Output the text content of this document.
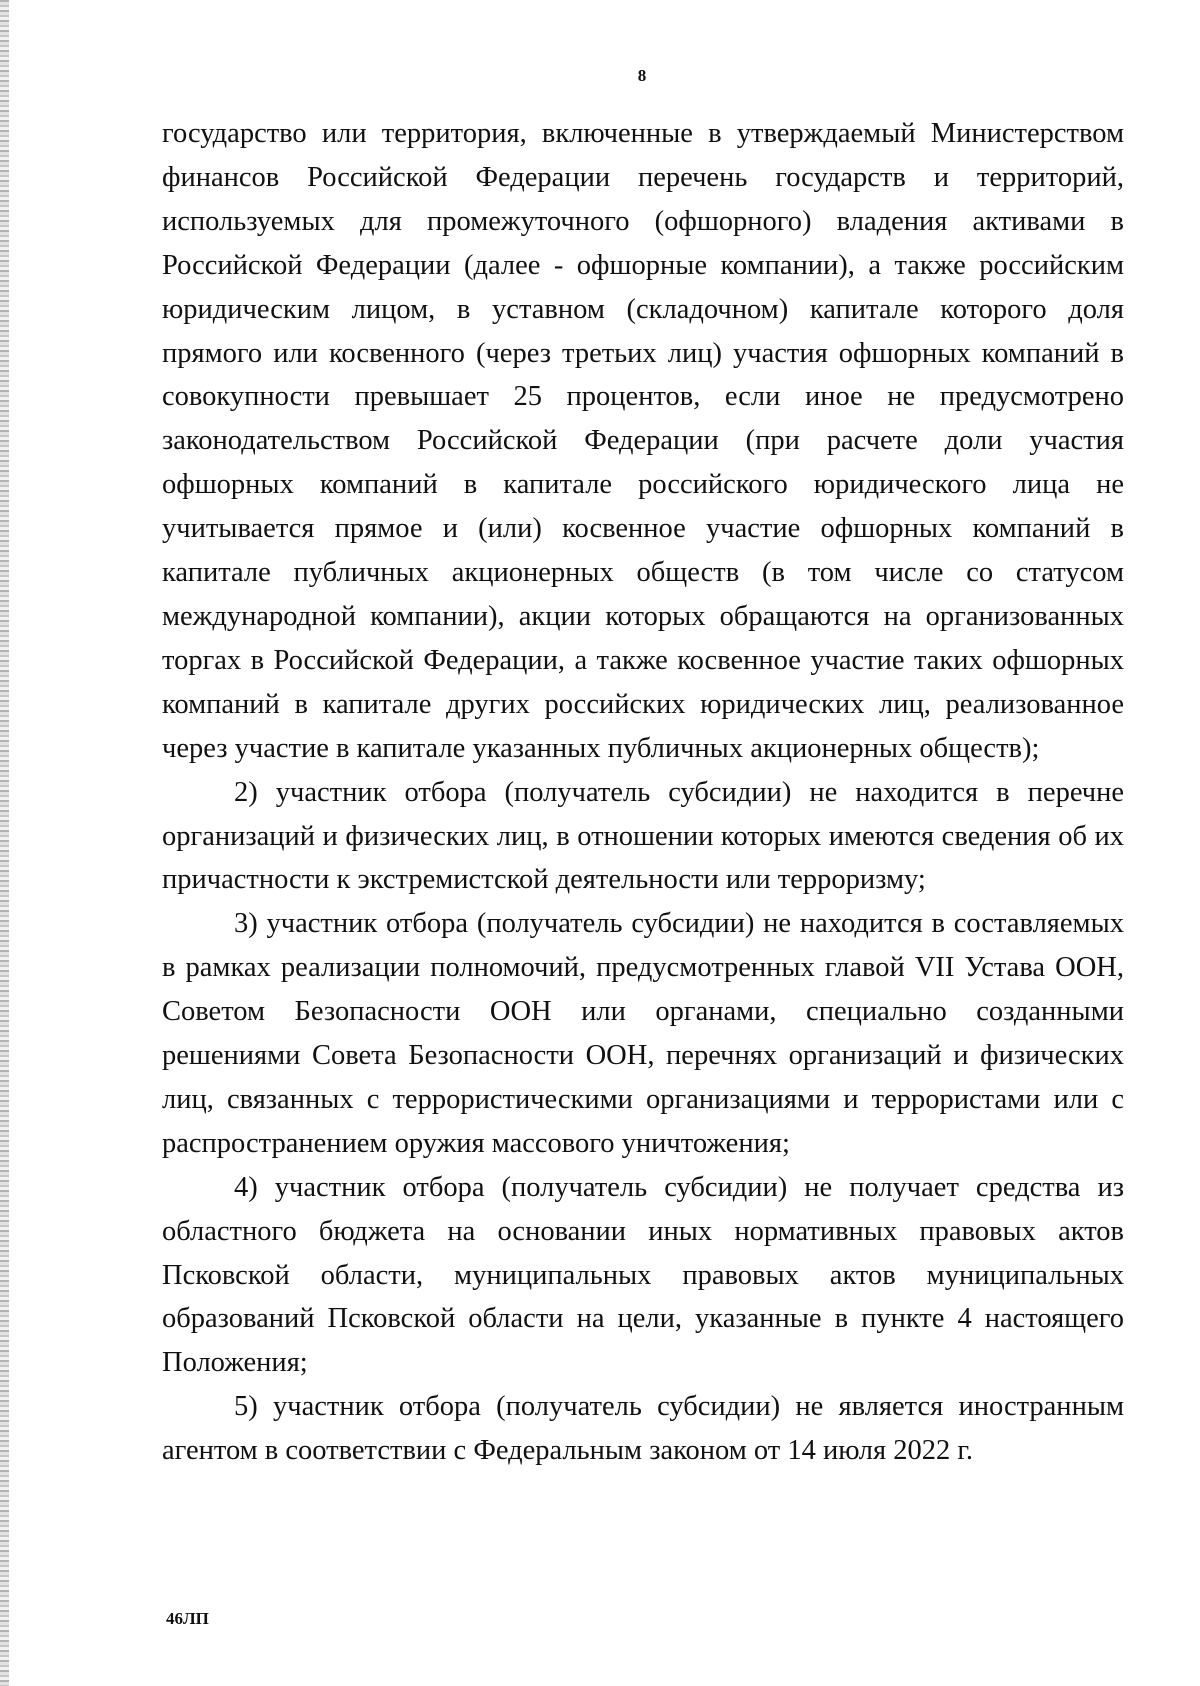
8

государство или территория, включенные в утверждаемый Министерством финансов Российской Федерации перечень государств и территорий, используемых для промежуточного (офшорного) владения активами в Российской Федерации (далее - офшорные компании), а также российским юридическим лицом, в уставном (складочном) капитале которого доля прямого или косвенного (через третьих лиц) участия офшорных компаний в совокупности превышает 25 процентов, если иное не предусмотрено законодательством Российской Федерации (при расчете доли участия офшорных компаний в капитале российского юридического лица не учитывается прямое и (или) косвенное участие офшорных компаний в капитале публичных акционерных обществ (в том числе со статусом международной компании), акции которых обращаются на организованных торгах в Российской Федерации, а также косвенное участие таких офшорных компаний в капитале других российских юридических лиц, реализованное через участие в капитале указанных публичных акционерных обществ);

2) участник отбора (получатель субсидии) не находится в перечне организаций и физических лиц, в отношении которых имеются сведения об их причастности к экстремистской деятельности или терроризму;

3) участник отбора (получатель субсидии) не находится в составляемых в рамках реализации полномочий, предусмотренных главой VII Устава ООН, Советом Безопасности ООН или органами, специально созданными решениями Совета Безопасности ООН, перечнях организаций и физических лиц, связанных с террористическими организациями и террористами или с распространением оружия массового уничтожения;

4) участник отбора (получатель субсидии) не получает средства из областного бюджета на основании иных нормативных правовых актов Псковской области, муниципальных правовых актов муниципальных образований Псковской области на цели, указанные в пункте 4 настоящего Положения;

5) участник отбора (получатель субсидии) не является иностранным агентом в соответствии с Федеральным законом от 14 июля 2022 г.

46ЛП
